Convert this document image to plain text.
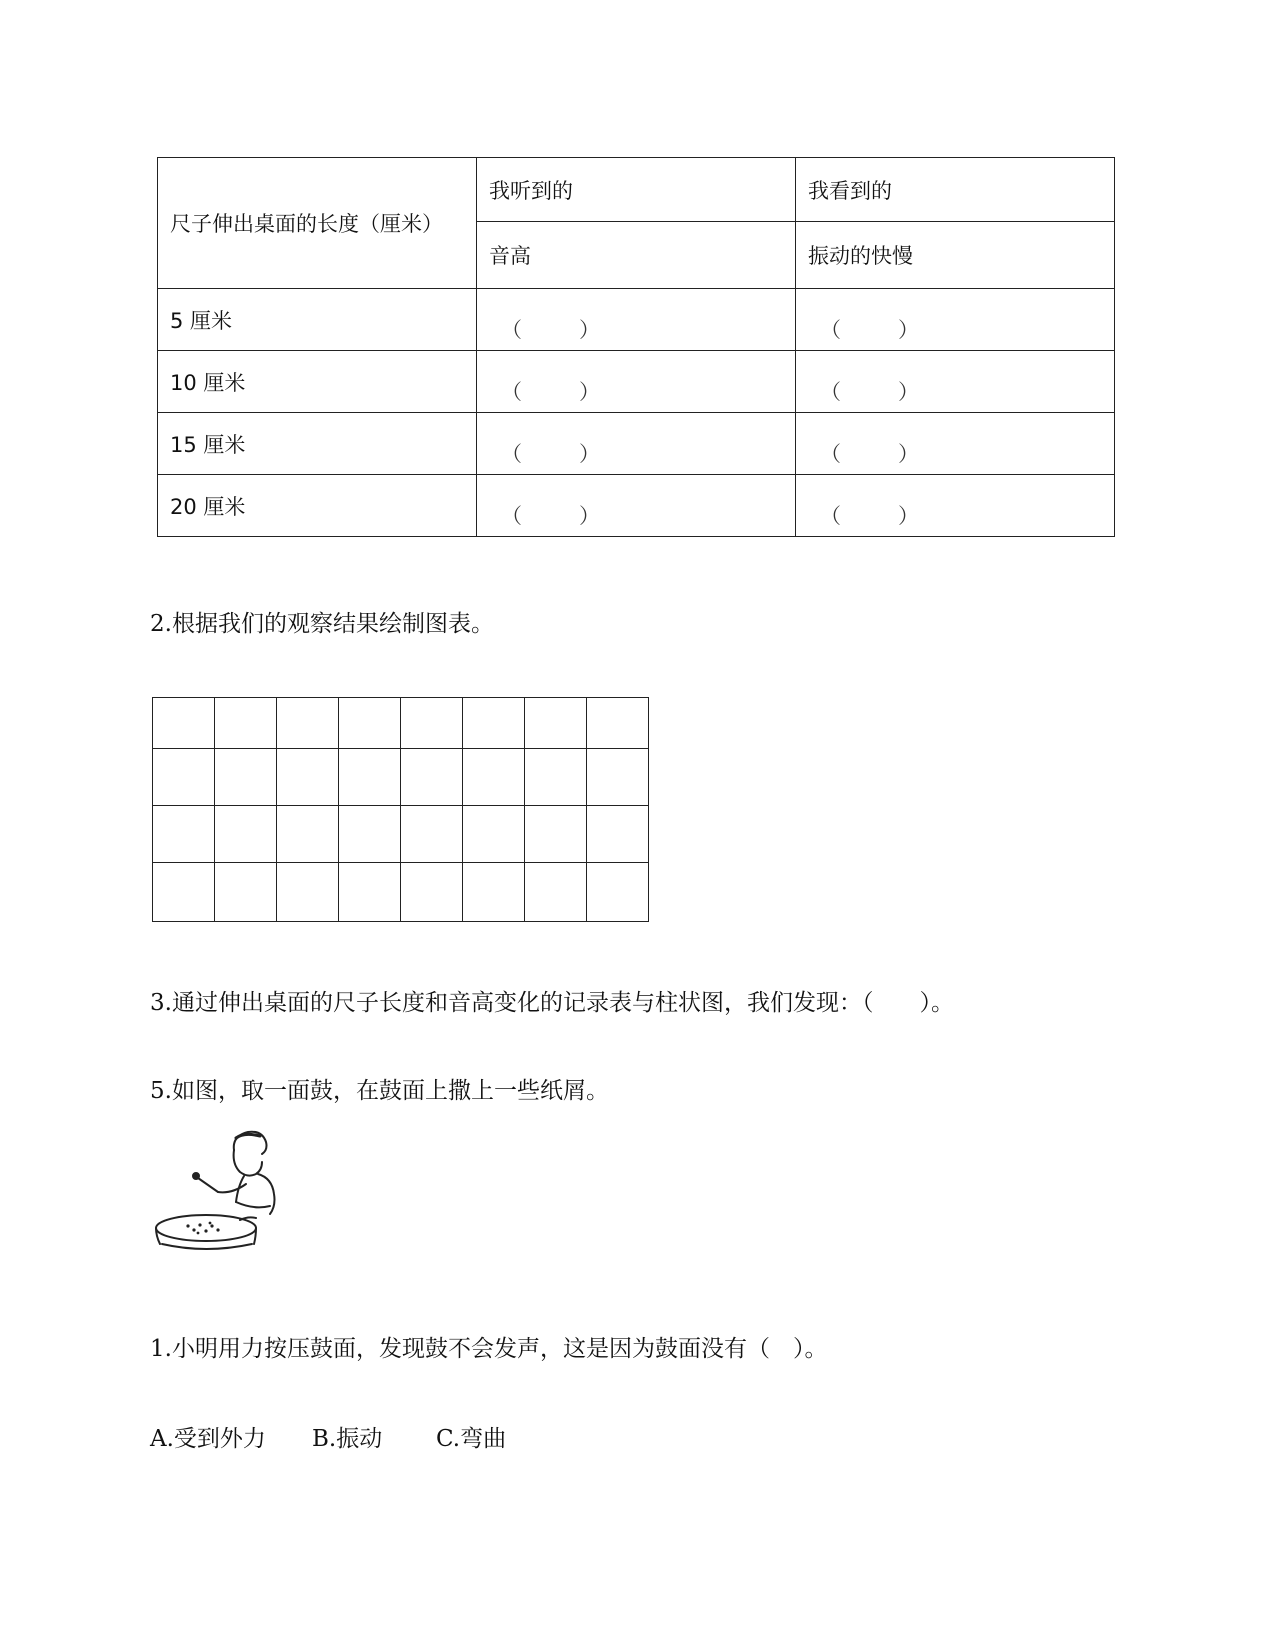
尺子伸出桌面的长度（厘米）	我听到的	我看到的
	音高	振动的快慢
5 厘米	（ ）	（ ）

10 厘米	（ ）	（ ）

15 厘米	（ ）	（ ）

20 厘米	（ ）	（ ）
2.根据我们的观察结果绘制图表。

3.通过伸出桌面的尺子长度和音高变化的记录表与柱状图，我们发现：（　　）。
5.如图，取一面鼓，在鼓面上撒上一些纸屑。
1.小明用力按压鼓面，发现鼓不会发声，这是因为鼓面没有（　）。
A.受到外力 B.振动 C.弯曲
